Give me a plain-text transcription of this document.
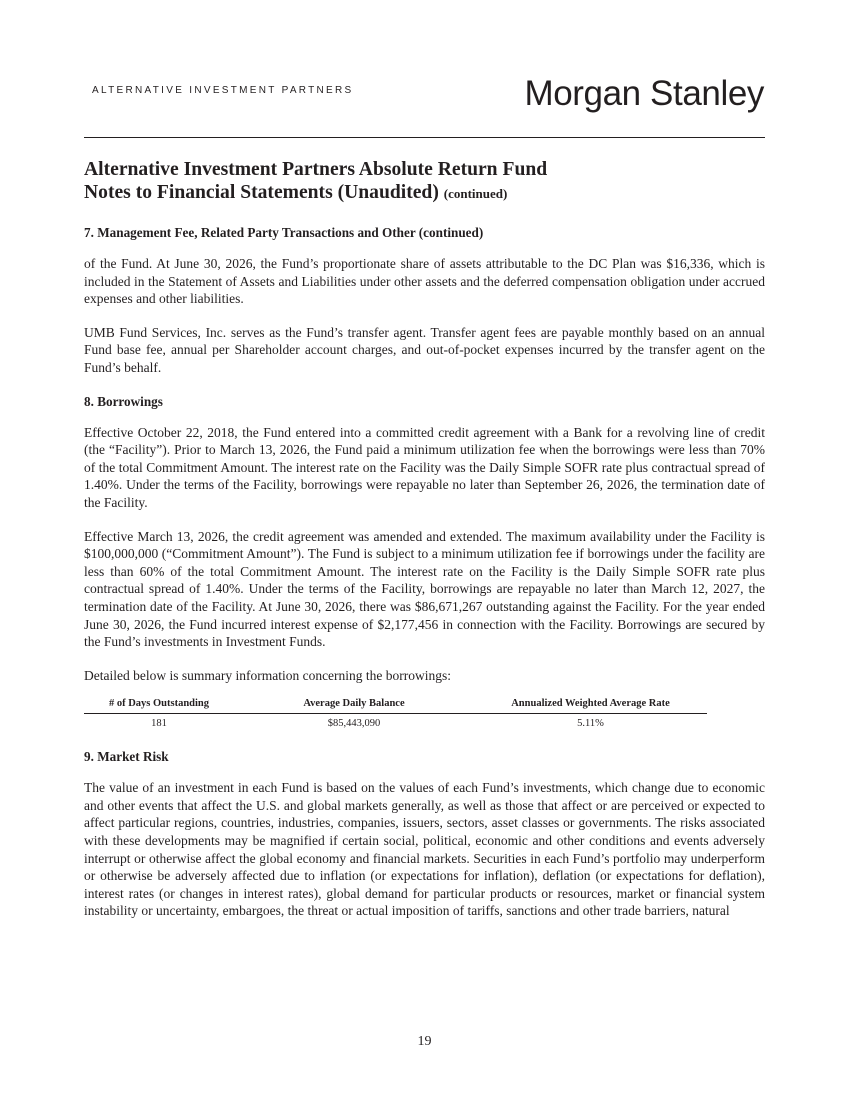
ALTERNATIVE INVESTMENT PARTNERS	Morgan Stanley
Alternative Investment Partners Absolute Return Fund
Notes to Financial Statements (Unaudited) (continued)

7. Management Fee, Related Party Transactions and Other (continued)

of the Fund. At June 30, 2026, the Fund’s proportionate share of assets attributable to the DC Plan was $16,336, which is included in the Statement of Assets and Liabilities under other assets and the deferred compensation obligation under accrued expenses and other liabilities.

UMB Fund Services, Inc. serves as the Fund’s transfer agent. Transfer agent fees are payable monthly based on an annual Fund base fee, annual per Shareholder account charges, and out-of-pocket expenses incurred by the transfer agent on the Fund’s behalf.

8. Borrowings

Effective October 22, 2018, the Fund entered into a committed credit agreement with a Bank for a revolving line of credit (the “Facility”). Prior to March 13, 2026, the Fund paid a minimum utilization fee when the borrowings were less than 70% of the total Commitment Amount. The interest rate on the Facility was the Daily Simple SOFR rate plus contractual spread of 1.40%. Under the terms of the Facility, borrowings were repayable no later than September 26, 2026, the termination date of the Facility.

Effective March 13, 2026, the credit agreement was amended and extended. The maximum availability under the Facility is $100,000,000 (“Commitment Amount”). The Fund is subject to a minimum utilization fee if borrowings under the facility are less than 60% of the total Commitment Amount. The interest rate on the Facility is the Daily Simple SOFR rate plus contractual spread of 1.40%. Under the terms of the Facility, borrowings are repayable no later than March 12, 2027, the termination date of the Facility. At June 30, 2026, there was $86,671,267 outstanding against the Facility. For the year ended June 30, 2026, the Fund incurred interest expense of $2,177,456 in connection with the Facility. Borrowings are secured by the Fund’s investments in Investment Funds.

Detailed below is summary information concerning the borrowings:

# of Days Outstanding	Average Daily Balance	Annualized Weighted Average Rate
181	$85,443,090	5.11%

9. Market Risk

The value of an investment in each Fund is based on the values of each Fund’s investments, which change due to economic and other events that affect the U.S. and global markets generally, as well as those that affect or are perceived or expected to affect particular regions, countries, industries, companies, issuers, sectors, asset classes or governments. The risks associated with these developments may be magnified if certain social, political, economic and other conditions and events adversely interrupt or otherwise affect the global economy and financial markets. Securities in each Fund’s portfolio may underperform or otherwise be adversely affected due to inflation (or expectations for inflation), deflation (or expectations for deflation), interest rates (or changes in interest rates), global demand for particular products or resources, market or financial system instability or uncertainty, embargoes, the threat or actual imposition of tariffs, sanctions and other trade barriers, natural

19
